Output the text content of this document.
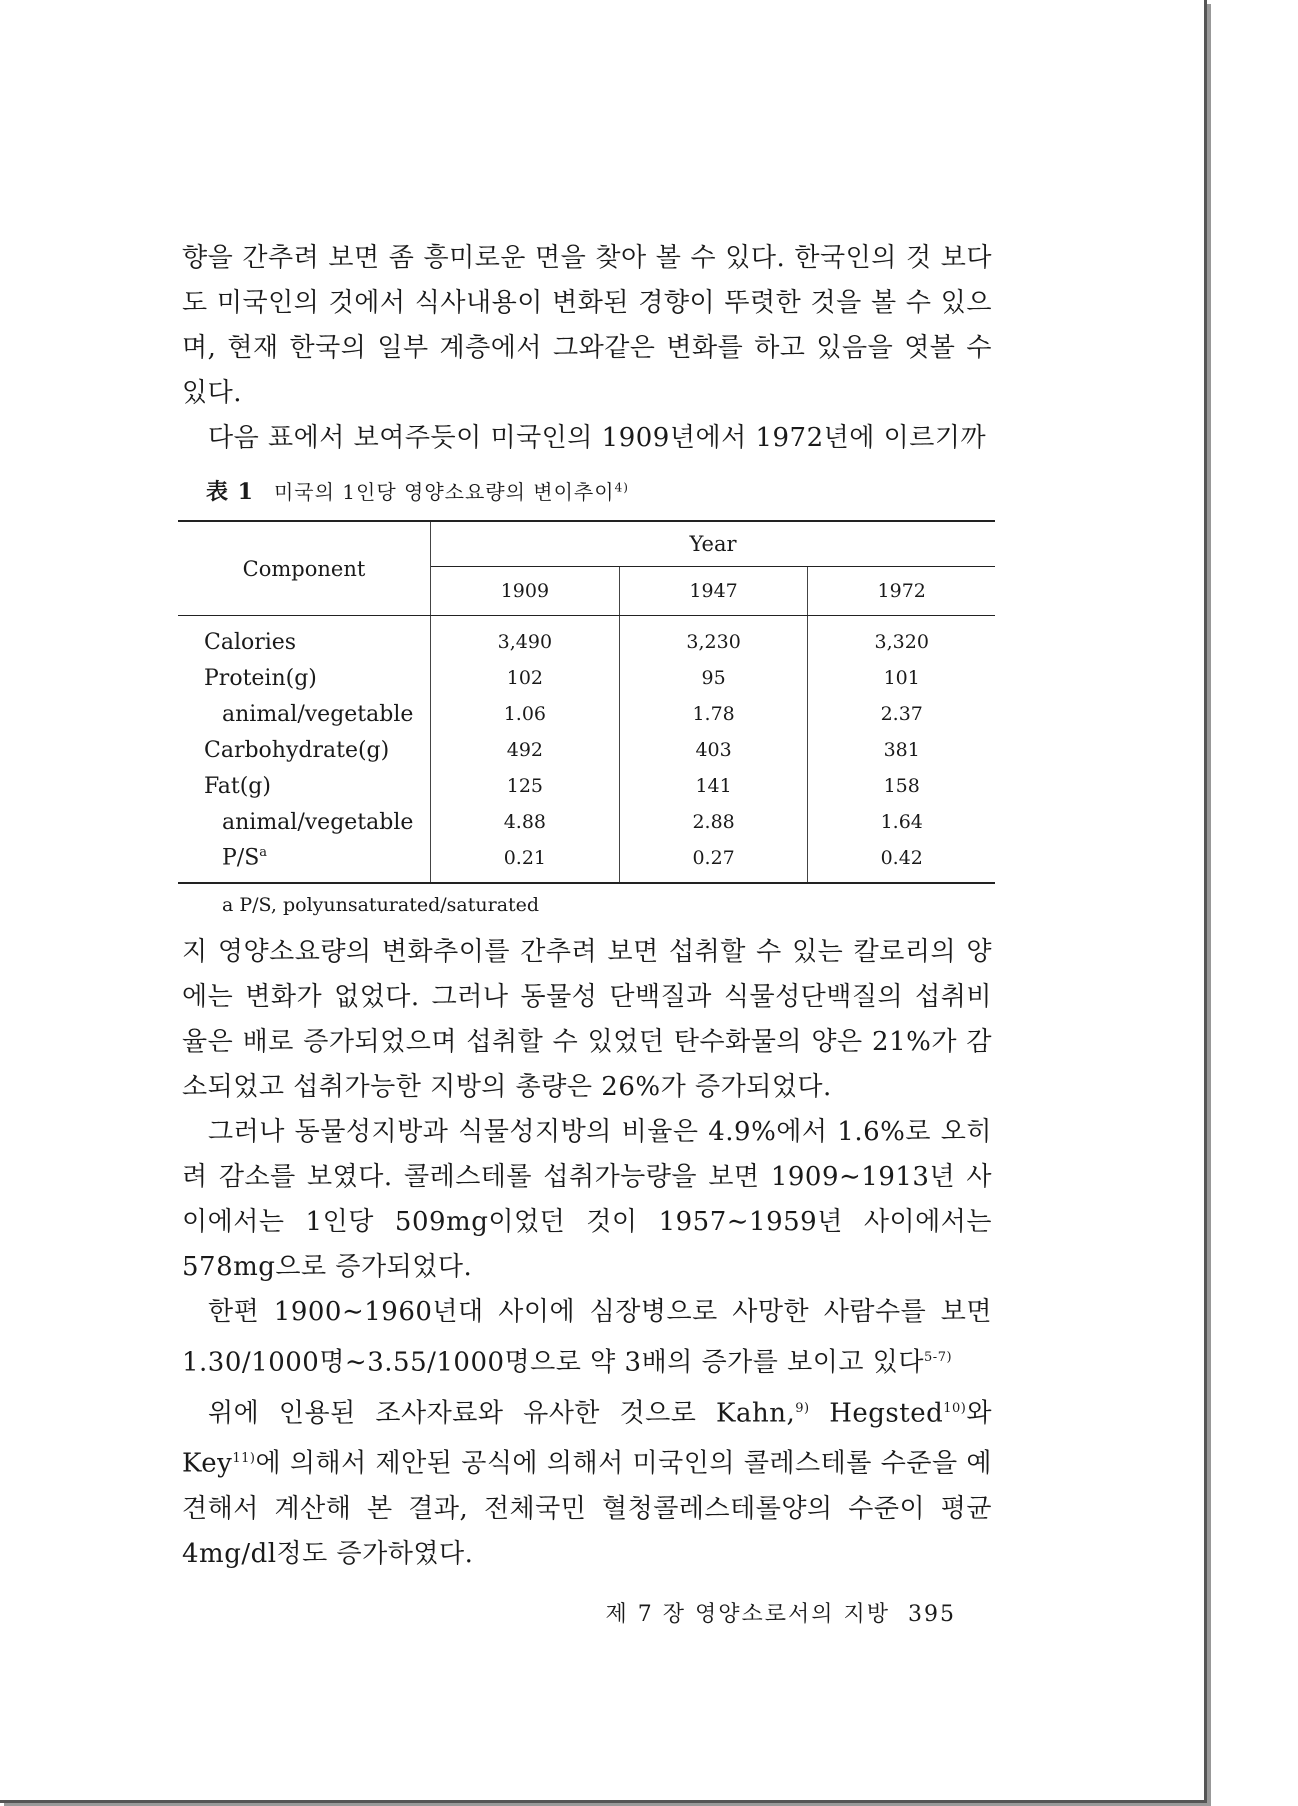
향을 간추려 보면 좀 흥미로운 면을 찾아 볼 수 있다. 한국인의 것 보다도 미국인의 것에서 식사내용이 변화된 경향이 뚜렷한 것을 볼 수 있으며, 현재 한국의 일부 계층에서 그와같은 변화를 하고 있음을 엿볼 수 있다.

다음 표에서 보여주듯이 미국인의 1909년에서 1972년에 이르기까

表 1 미국의 1인당 영양소요량의 변이추이$^{4)}$
Component	Year		
	1909	1947	1972
Calories	3,490	3,230	3,320
Protein(g)	102	95	101
animal/vegetable	1.06	1.78	2.37
Carbohydrate(g)	492	403	381
Fat(g)	125	141	158
animal/vegetable	4.88	2.88	1.64
$P/S^a$	0.21	0.27	0.42
a P/S, polyunsaturated/saturated

지 영양소요량의 변화추이를 간추려 보면 섭취할 수 있는 칼로리의 양에는 변화가 없었다. 그러나 동물성 단백질과 식물성단백질의 섭취비율은 배로 증가되었으며 섭취할 수 있었던 탄수화물의 양은 21%가 감소되었고 섭취가능한 지방의 총량은 26%가 증가되었다.

그러나 동물성지방과 식물성지방의 비율은 4.9%에서 1.6%로 오히려 감소를 보였다. 콜레스테롤 섭취가능량을 보면 1909∼1913년 사이에서는 1인당 509mg이었던 것이 1957∼1959년 사이에서는 578mg으로 증가되었다.

한편 1900∼1960년대 사이에 심장병으로 사망한 사람수를 보면 1.30/1000명∼3.55/1000명으로 약 3배의 증가를 보이고 있다$^{5-7)}$

위에 인용된 조사자료와 유사한 것으로 Kahn,$^{9)}$ Hegsted$^{10)}$와 Key$^{11)}$에 의해서 제안된 공식에 의해서 미국인의 콜레스테롤 수준을 예견해서 계산해 본 결과, 전체국민 혈청콜레스테롤양의 수준이 평균 4mg/dl정도 증가하였다.

제 7 장 영양소로서의 지방 395
